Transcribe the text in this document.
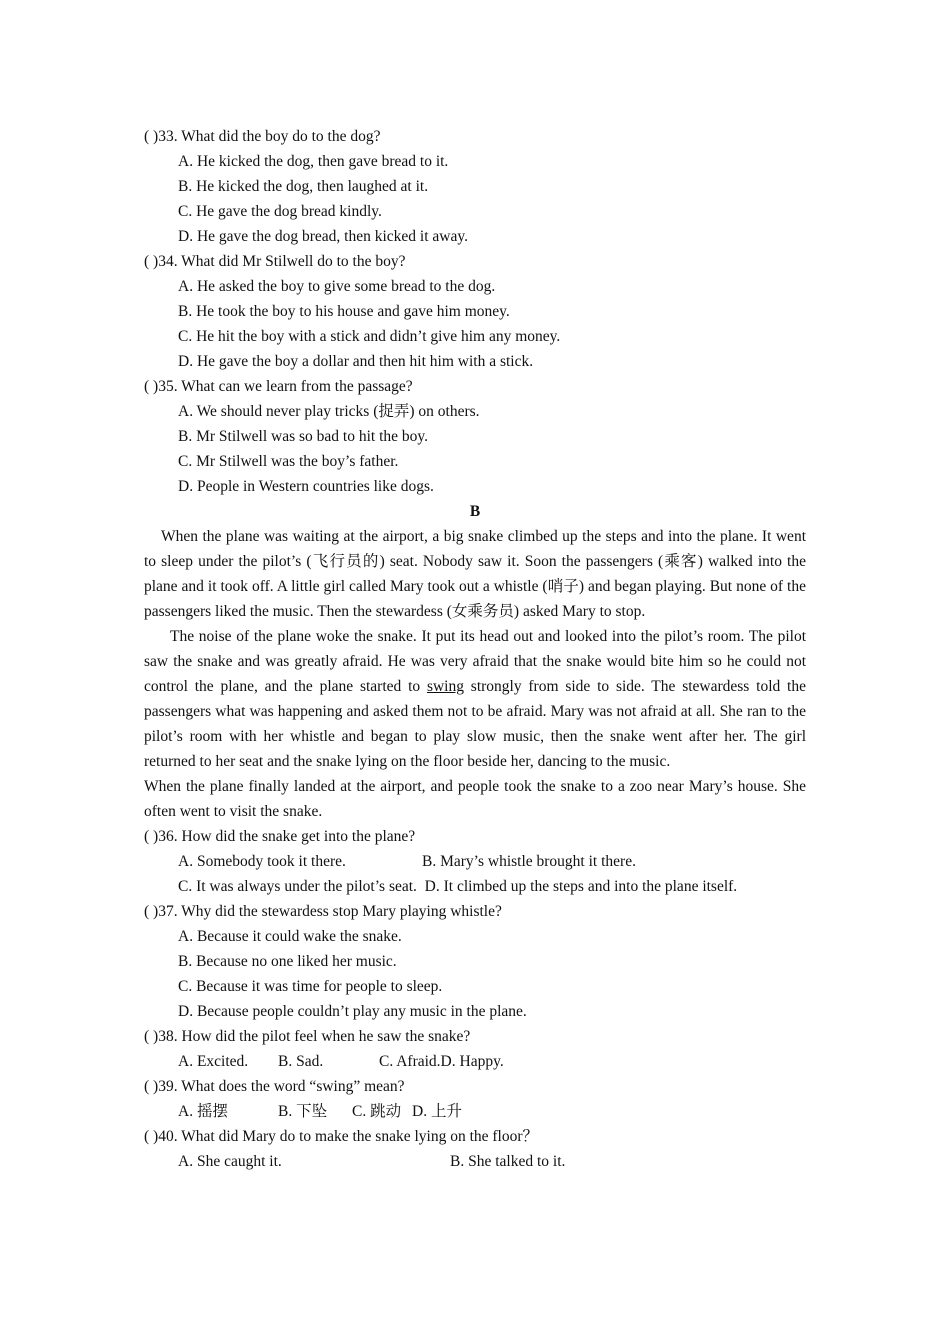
( )33. What did the boy do to the dog?
A. He kicked the dog, then gave bread to it.
B. He kicked the dog, then laughed at it.
C. He gave the dog bread kindly.
D. He gave the dog bread, then kicked it away.
( )34. What did Mr Stilwell do to the boy?
A. He asked the boy to give some bread to the dog.
B. He took the boy to his house and gave him money.
C. He hit the boy with a stick and didn’t give him any money.
D. He gave the boy a dollar and then hit him with a stick.
( )35. What can we learn from the passage?
A. We should never play tricks (捉弄) on others.
B. Mr Stilwell was so bad to hit the boy.
C. Mr Stilwell was the boy’s father.
D. People in Western countries like dogs.
B
When the plane was waiting at the airport, a big snake climbed up the steps and into the plane. It went to sleep under the pilot’s (飞行员的) seat. Nobody saw it. Soon the passengers (乘客) walked into the plane and it took off. A little girl called Mary took out a whistle (哨子) and began playing. But none of the passengers liked the music. Then the stewardess (女乘务员) asked Mary to stop.
The noise of the plane woke the snake. It put its head out and looked into the pilot’s room. The pilot saw the snake and was greatly afraid. He was very afraid that the snake would bite him so he could not control the plane, and the plane started to swing strongly from side to side. The stewardess told the passengers what was happening and asked them not to be afraid. Mary was not afraid at all. She ran to the pilot’s room with her whistle and began to play slow music, then the snake went after her. The girl returned to her seat and the snake lying on the floor beside her, dancing to the music.
When the plane finally landed at the airport, and people took the snake to a zoo near Mary’s house. She often went to visit the snake.
( )36. How did the snake get into the plane?
A. Somebody took it there.	B. Mary’s whistle brought it there.
C. It was always under the pilot’s seat. D. It climbed up the steps and into the plane itself.
( )37. Why did the stewardess stop Mary playing whistle?
A. Because it could wake the snake.
B. Because no one liked her music.
C. Because it was time for people to sleep.
D. Because people couldn’t play any music in the plane.
( )38. How did the pilot feel when he saw the snake?
A. Excited. B. Sad.	C. Afraid.D. Happy.
( )39. What does the word “swing” mean?
A. 摇摆	B. 下坠 C. 跳动 D. 上升
( )40. What did Mary do to make the snake lying on the floor？
A. She caught it.	B. She talked to it.
